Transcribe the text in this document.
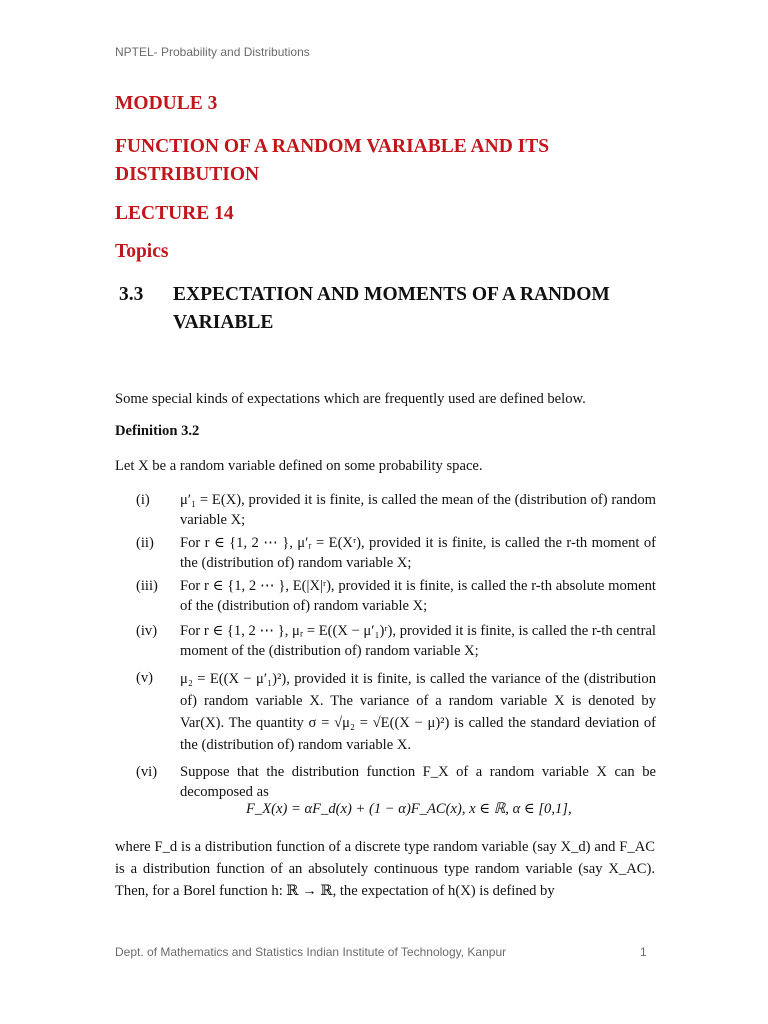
NPTEL- Probability and Distributions
MODULE 3
FUNCTION OF A RANDOM VARIABLE AND ITS DISTRIBUTION
LECTURE 14
Topics
3.3 EXPECTATION AND MOMENTS OF A RANDOM VARIABLE
Some special kinds of expectations which are frequently used are defined below.
Definition 3.2
Let X be a random variable defined on some probability space.
(i) μ′₁ = E(X), provided it is finite, is called the mean of the (distribution of) random variable X;
(ii) For r ∈ {1, 2 ⋯ }, μ′ᵣ = E(Xʳ), provided it is finite, is called the r-th moment of the (distribution of) random variable X;
(iii) For r ∈ {1, 2 ⋯ }, E(|X|ʳ), provided it is finite, is called the r-th absolute moment of the (distribution of) random variable X;
(iv) For r ∈ {1, 2 ⋯ }, μᵣ = E((X − μ′₁)ʳ), provided it is finite, is called the r-th central moment of the (distribution of) random variable X;
(v) μ₂ = E((X − μ′₁)²), provided it is finite, is called the variance of the (distribution of) random variable X. The variance of a random variable X is denoted by Var(X). The quantity σ = √μ₂ = √E((X − μ)²) is called the standard deviation of the (distribution of) random variable X.
(vi) Suppose that the distribution function F_X of a random variable X can be decomposed as
F_X(x) = αF_d(x) + (1 − α)F_AC(x), x ∈ ℝ, α ∈ [0,1],
where F_d is a distribution function of a discrete type random variable (say X_d) and F_AC is a distribution function of an absolutely continuous type random variable (say X_AC). Then, for a Borel function h: ℝ → ℝ, the expectation of h(X) is defined by
Dept. of Mathematics and Statistics Indian Institute of Technology, Kanpur	1
